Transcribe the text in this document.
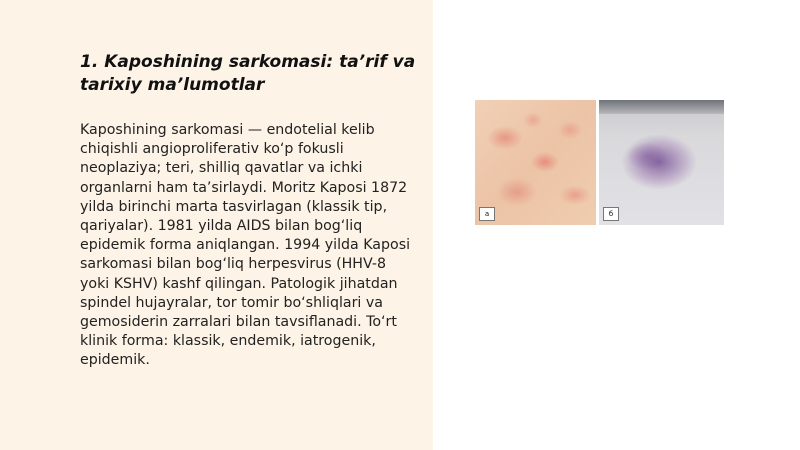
1. Kaposhining sarkomasi: ta’rif va tarixiy ma’lumotlar

Kaposhining sarkomasi — endotelial kelib chiqishli angioproliferativ ko‘p fokusli neoplaziya; teri, shilliq qavatlar va ichki organlarni ham ta’sirlaydi. Moritz Kaposi 1872 yilda birinchi marta tasvirlagan (klassik tip, qariyalar). 1981 yilda AIDS bilan bog‘liq epidemik forma aniqlangan. 1994 yilda Kaposi sarkomasi bilan bog‘liq herpesvirus (HHV-8 yoki KSHV) kashf qilingan. Patologik jihatdan spindel hujayralar, tor tomir bo‘shliqlari va gemosiderin zarralari bilan tavsiflanadi. To‘rt klinik forma: klassik, endemik, iatrogenik, epidemik.

a	б
